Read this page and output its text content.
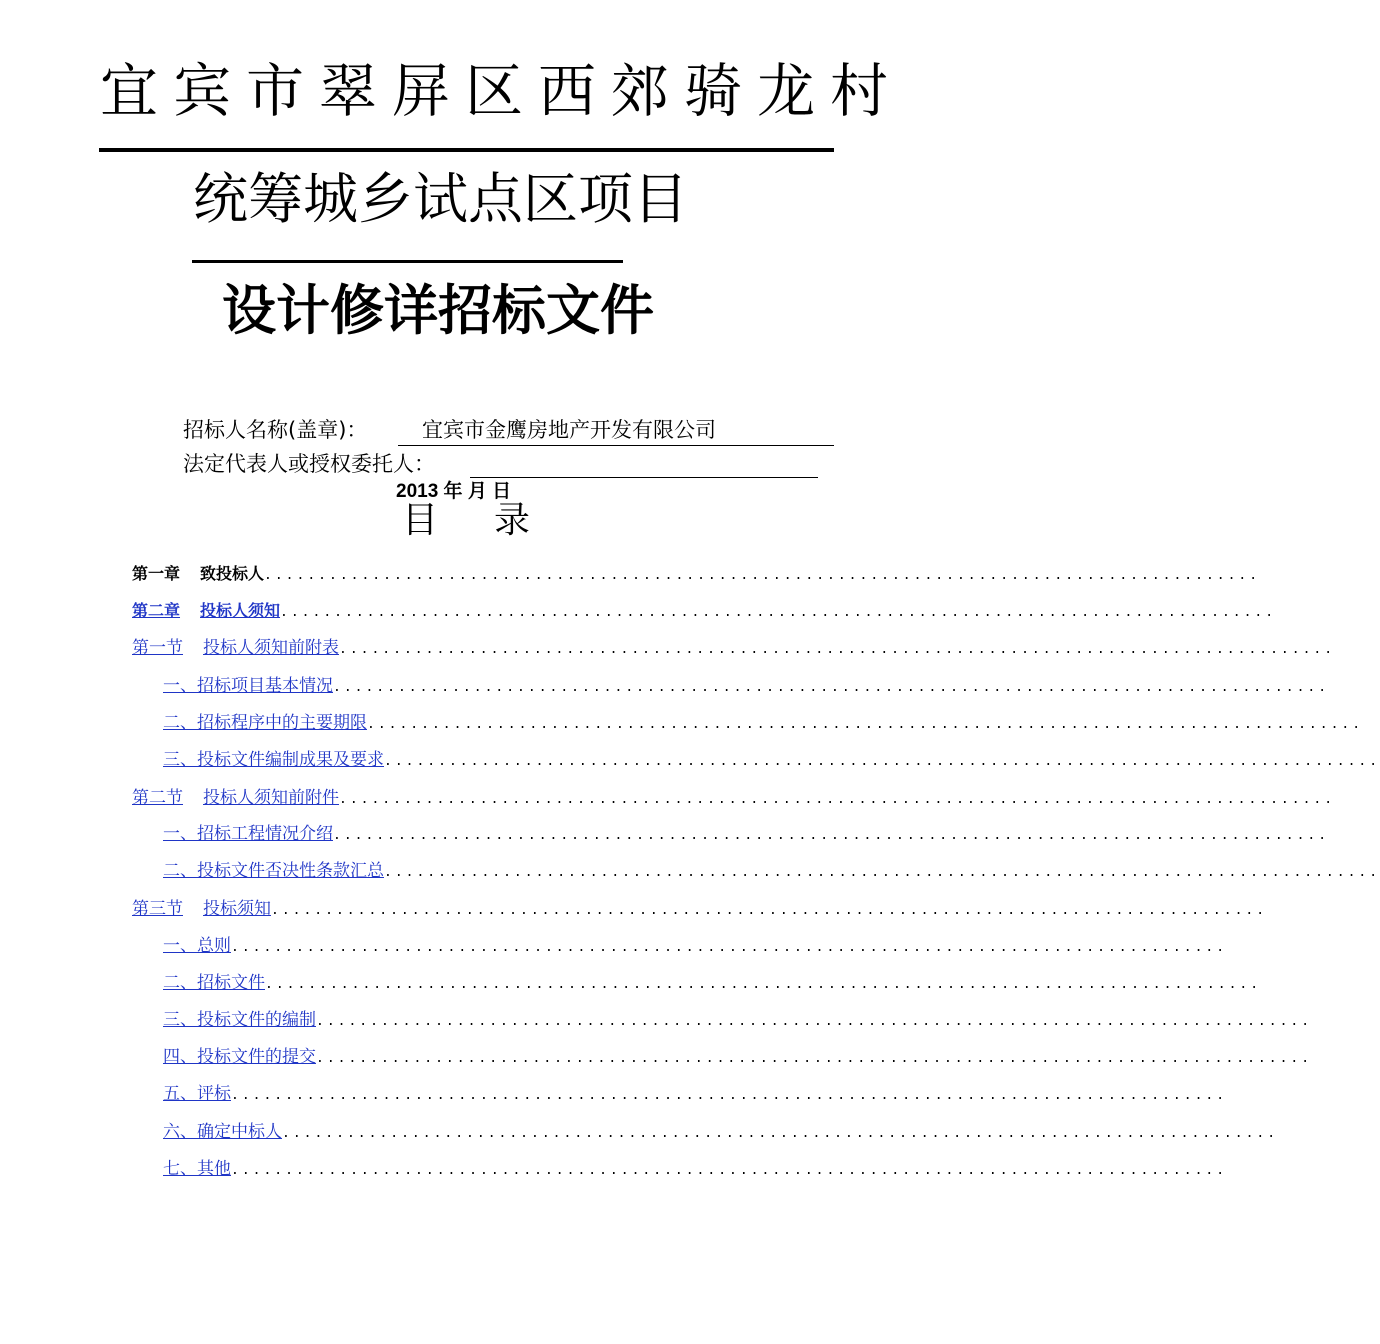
宜宾市翠屏区西郊骑龙村
统筹城乡试点区项目
设计修详招标文件
招标人名称(盖章)：	宜宾市金鹰房地产开发有限公司
法定代表人或授权委托人：
2013 年 月 日
目 录
第一章 致投标人 ............................................................................................
第二章 投标人须知 ............................................................................................
第一节 投标人须知前附表 ............................................................................................
一、招标项目基本情况 ............................................................................................
二、招标程序中的主要期限 ............................................................................................
三、投标文件编制成果及要求 ............................................................................................
第二节 投标人须知前附件 ............................................................................................
一、招标工程情况介绍 ............................................................................................
二、投标文件否决性条款汇总 ............................................................................................
第三节 投标须知 ............................................................................................
一、总则 ............................................................................................
二、招标文件 ............................................................................................
三、投标文件的编制 ............................................................................................
四、投标文件的提交 ............................................................................................
五、评标 ............................................................................................
六、确定中标人 ............................................................................................
七、其他 ............................................................................................
